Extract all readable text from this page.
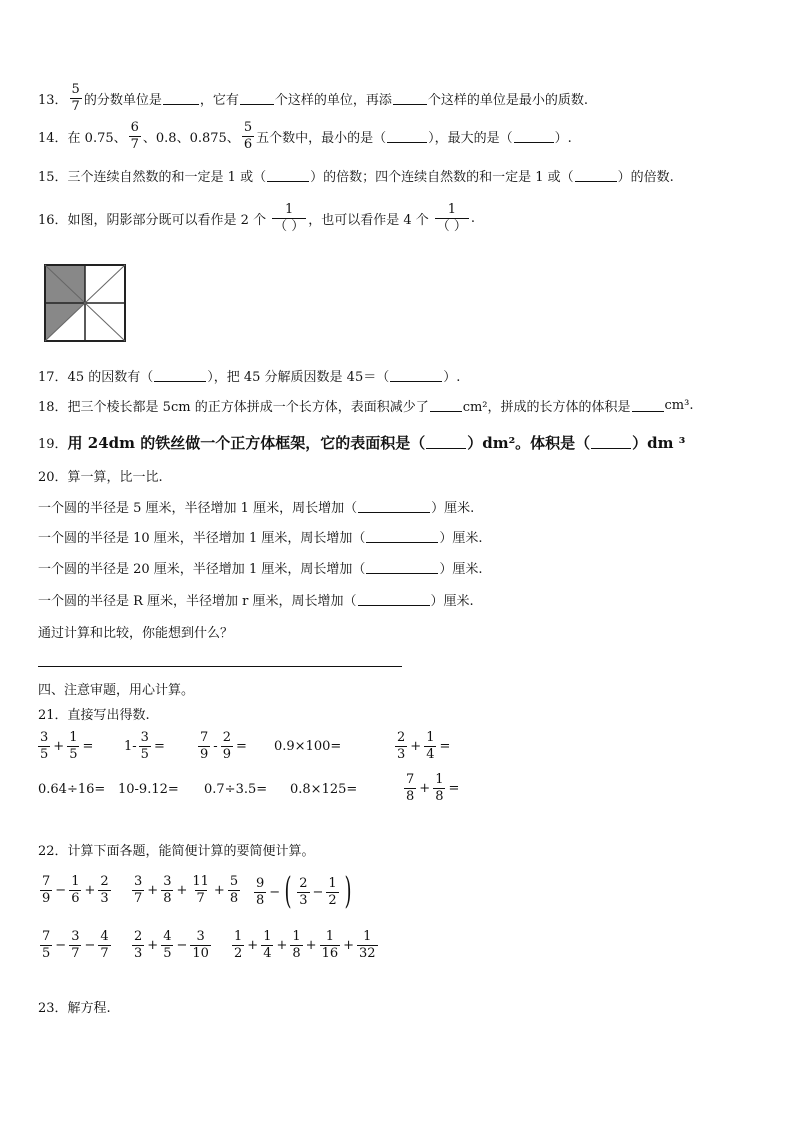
13． $\frac{5}{7}$ 的分数单位是	，它有	个这样的单位，再添	个这样的单位是最小的质数.
14． 在 0.75、 $\frac{6}{7}$ 、0.8、0.875、 $\frac{5}{6}$ 五个数中，最小的是（	），最大的是（	）.
15． 三个连续自然数的和一定是 1 或（	）的倍数；四个连续自然数的和一定是 1 或（	）的倍数.
16． 如图，阴影部分既可以看作是 2 个 $\frac{1}{( )}$ ，也可以看作是 4 个 $\frac{1}{( )}$ .
17． 45 的因数有（	），把 45 分解质因数是 45＝（	）.
18． 把三个棱长都是 5cm 的正方体拼成一个长方体，表面积减少了	cm²，拼成的长方体的体积是	cm³.
19． 用 24dm 的铁丝做一个正方体框架，它的表面积是（	）dm²。体积是（	）dm ³
20． 算一算，比一比.
一个圆的半径是 5 厘米，半径增加 1 厘米，周长增加（	）厘米.
一个圆的半径是 10 厘米，半径增加 1 厘米，周长增加（	）厘米.
一个圆的半径是 20 厘米，半径增加 1 厘米，周长增加（	）厘米.
一个圆的半径是 R 厘米，半径增加 r 厘米，周长增加（	）厘米.
通过计算和比较，你能想到什么？
四、注意审题，用心计算。
21． 直接写出得数.
$\frac{3}{5} + \frac{1}{5} = 1- \frac{3}{5}$ =	$\frac{7}{9} - \frac{2}{9} = 0.9\times 100=$	$\frac{2}{3} + \frac{1}{4}$ =
0.64÷16= 10-9.12= 0.7÷3.5= 0.8×125=	$\frac{7}{8} + \frac{1}{8}$ =
22． 计算下面各题，能简便计算的要简便计算。
$\frac{7}{9} - \frac{1}{6} + \frac{2}{3} \frac{3}{7} + \frac{3}{8} + \frac{11}{7} + \frac{5}{8} \frac{9}{8}$ − ( $\frac{2}{3} - \frac{1}{2}$ )
$\frac{7}{5} - \frac{3}{7} - \frac{4}{7} \frac{2}{3} + \frac{4}{5} - \frac{3}{10} \frac{1}{2} + \frac{1}{4} + \frac{1}{8} + \frac{1}{16} + \frac{1}{32}$
23． 解方程.
